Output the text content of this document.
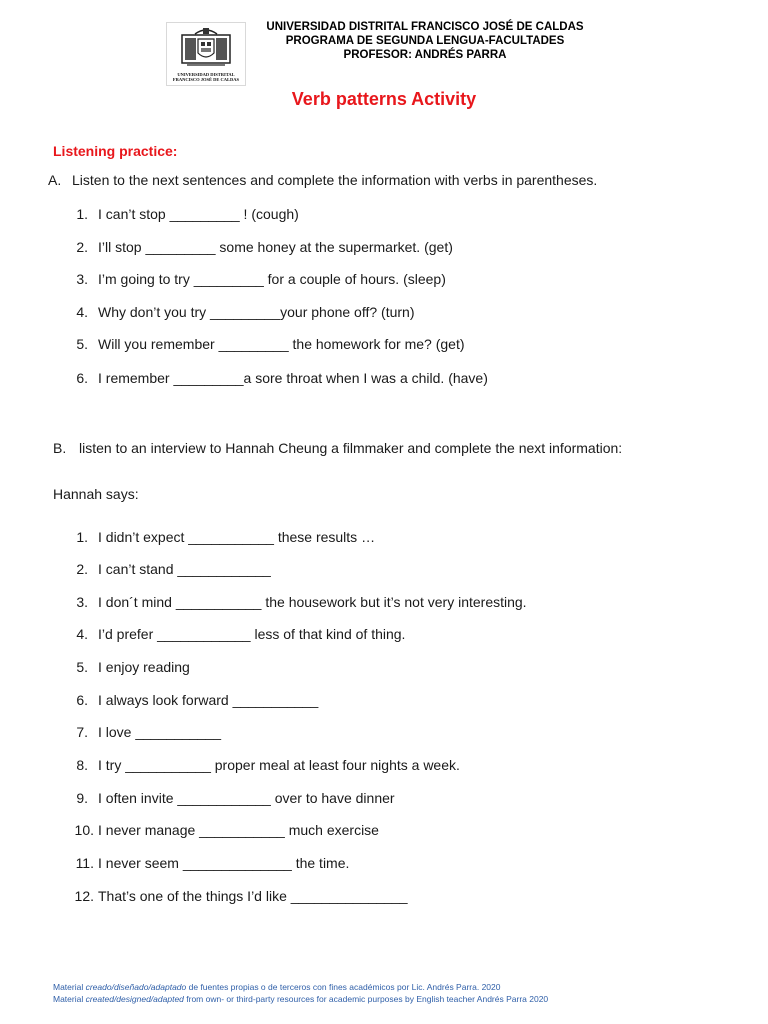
UNIVERSIDAD DISTRITAL
FRANCISCO JOSÉ DE CALDAS
UNIVERSIDAD DISTRITAL FRANCISCO JOSÉ DE CALDAS
PROGRAMA DE SEGUNDA LENGUA-FACULTADES
PROFESOR: ANDRÉS PARRA
Verb patterns Activity
Listening practice:
A. Listen to the next sentences and complete the information with verbs in parentheses.
1. I can’t stop _________ ! (cough)
2. I’ll stop _________ some honey at the supermarket. (get)
3. I’m going to try _________ for a couple of hours. (sleep)
4. Why don’t you try _________your phone off? (turn)
5. Will you remember _________ the homework for me? (get)
6. I remember _________a sore throat when I was a child. (have)
B. listen to an interview to Hannah Cheung a filmmaker and complete the next information:
Hannah says:
1. I didn’t expect ___________ these results …
2. I can’t stand ____________
3. I don´t mind ___________ the housework but it’s not very interesting.
4. I’d prefer ____________ less of that kind of thing.
5. I enjoy reading
6. I always look forward ___________
7. I love ___________
8. I try ___________ proper meal at least four nights a week.
9. I often invite ____________ over to have dinner
10. I never manage ___________ much exercise
11. I never seem ______________ the time.
12. That’s one of the things I’d like _______________
Material creado/diseñado/adaptado de fuentes propias o de terceros con fines académicos por Lic. Andrés Parra. 2020
Material created/designed/adapted from own- or third-party resources for academic purposes by English teacher Andrés Parra 2020
